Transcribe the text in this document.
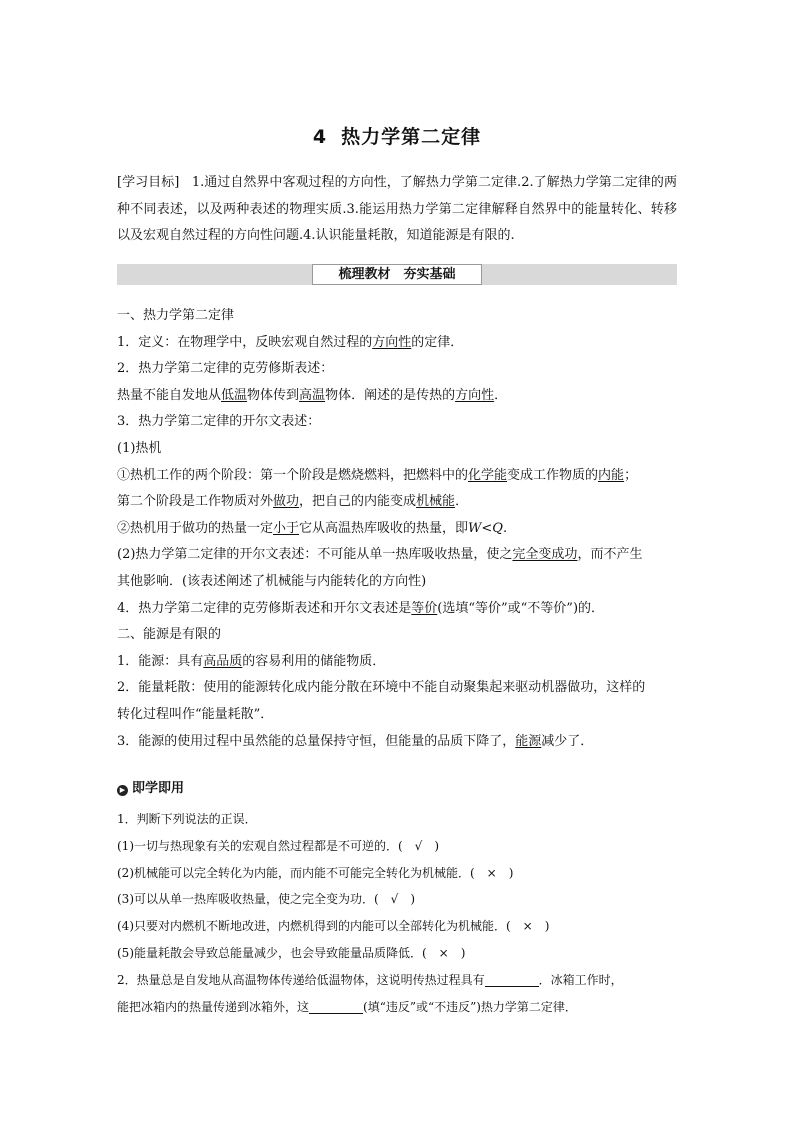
4 热力学第二定律
[学习目标] 1.通过自然界中客观过程的方向性，了解热力学第二定律.2.了解热力学第二定律的两种不同表述，以及两种表述的物理实质.3.能运用热力学第二定律解释自然界中的能量转化、转移以及宏观自然过程的方向性问题.4.认识能量耗散，知道能源是有限的.
梳理教材　夯实基础

一、热力学第二定律

1．定义：在物理学中，反映宏观自然过程的方向性的定律．

2．热力学第二定律的克劳修斯表述：

热量不能自发地从低温物体传到高温物体．阐述的是传热的方向性．

3．热力学第二定律的开尔文表述：

(1)热机

①热机工作的两个阶段：第一个阶段是燃烧燃料，把燃料中的化学能变成工作物质的内能；

第二个阶段是工作物质对外做功，把自己的内能变成机械能．

②热机用于做功的热量一定小于它从高温热库吸收的热量，即W<Q.

(2)热力学第二定律的开尔文表述：不可能从单一热库吸收热量，使之完全变成功，而不产生

其他影响．(该表述阐述了机械能与内能转化的方向性)

4．热力学第二定律的克劳修斯表述和开尔文表述是等价(选填“等价”或“不等价”)的．

二、能源是有限的

1．能源：具有高品质的容易利用的储能物质．

2．能量耗散：使用的能源转化成内能分散在环境中不能自动聚集起来驱动机器做功，这样的

转化过程叫作“能量耗散”．

3．能源的使用过程中虽然能的总量保持守恒，但能量的品质下降了，能源减少了．

▶ 即学即用

1．判断下列说法的正误．

(1)一切与热现象有关的宏观自然过程都是不可逆的．(　√　)

(2)机械能可以完全转化为内能，而内能不可能完全转化为机械能．(　×　)

(3)可以从单一热库吸收热量，使之完全变为功．(　√　)

(4)只要对内燃机不断地改进，内燃机得到的内能可以全部转化为机械能．(　×　)

(5)能量耗散会导致总能量减少，也会导致能量品质降低．(　×　)

2．热量总是自发地从高温物体传递给低温物体，这说明传热过程具有	．冰箱工作时，

能把冰箱内的热量传递到冰箱外，这	(填“违反”或“不违反”)热力学第二定律．
